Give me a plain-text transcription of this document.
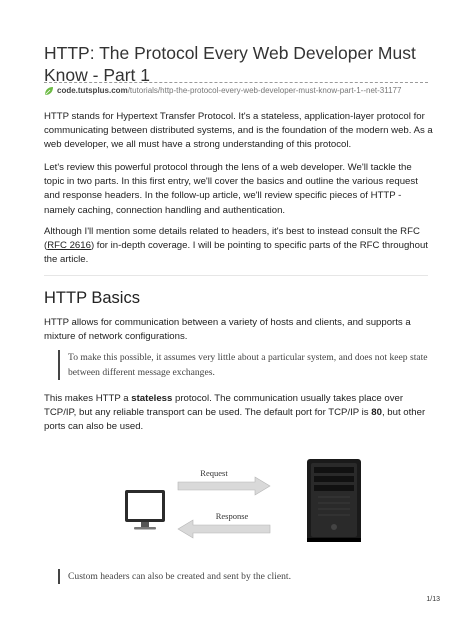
HTTP: The Protocol Every Web Developer Must Know - Part 1
code.tutsplus.com/tutorials/http-the-protocol-every-web-developer-must-know-part-1--net-31177

HTTP stands for Hypertext Transfer Protocol. It's a stateless, application-layer protocol for communicating between distributed systems, and is the foundation of the modern web. As a web developer, we all must have a strong understanding of this protocol.

Let's review this powerful protocol through the lens of a web developer. We'll tackle the topic in two parts. In this first entry, we'll cover the basics and outline the various request and response headers. In the follow-up article, we'll review specific pieces of HTTP - namely caching, connection handling and authentication.

Although I'll mention some details related to headers, it's best to instead consult the RFC (RFC 2616) for in-depth coverage. I will be pointing to specific parts of the RFC throughout the article.

HTTP Basics

HTTP allows for communication between a variety of hosts and clients, and supports a mixture of network configurations.

To make this possible, it assumes very little about a particular system, and does not keep state between different message exchanges.

This makes HTTP a stateless protocol. The communication usually takes place over TCP/IP, but any reliable transport can be used. The default port for TCP/IP is 80, but other ports can also be used.

Request
Response
Custom headers can also be created and sent by the client.
1/13
